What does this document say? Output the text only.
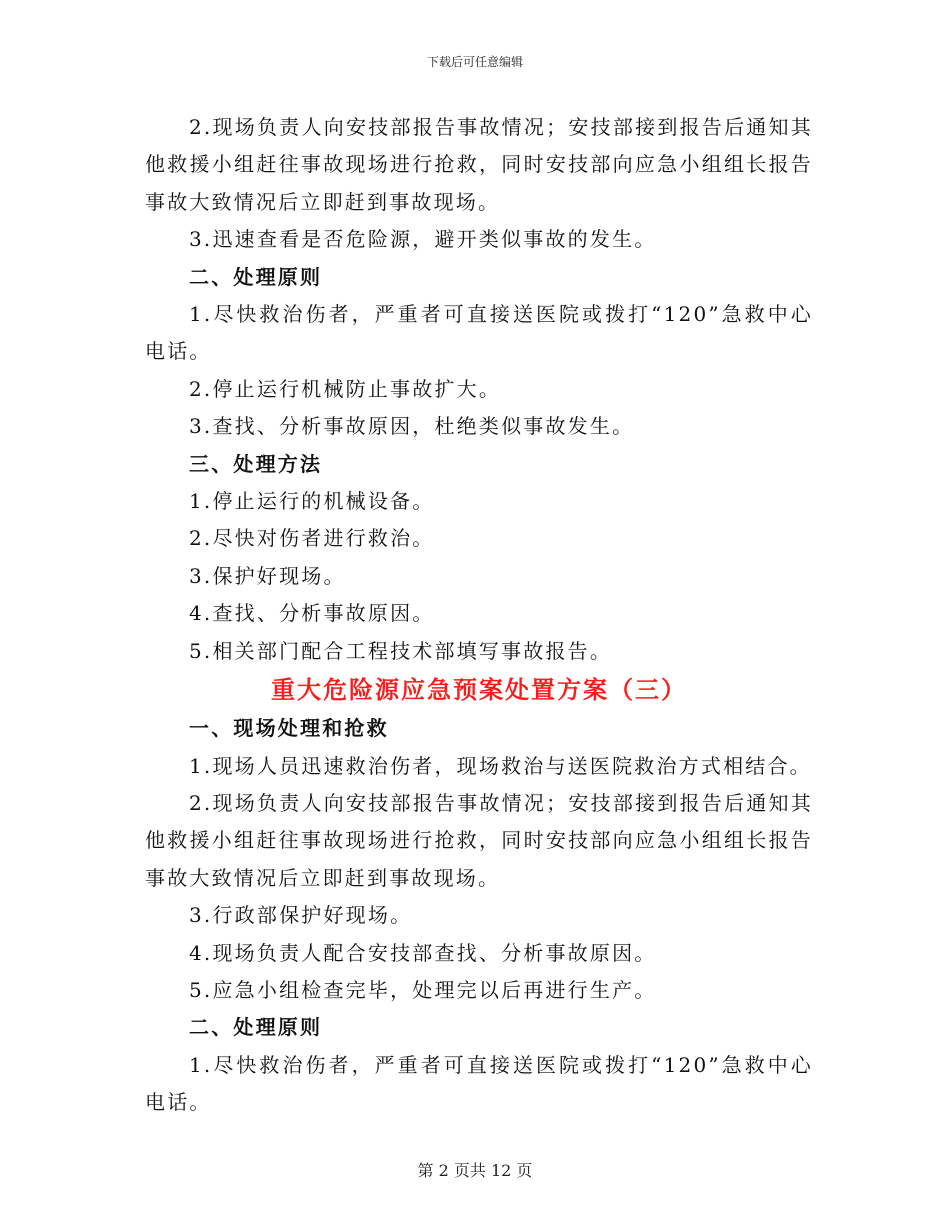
下载后可任意编辑

2.现场负责人向安技部报告事故情况；安技部接到报告后通知其他救援小组赶往事故现场进行抢救，同时安技部向应急小组组长报告事故大致情况后立即赶到事故现场。

3.迅速查看是否危险源，避开类似事故的发生。

二、处理原则

1.尽快救治伤者，严重者可直接送医院或拨打“120”急救中心电话。

2.停止运行机械防止事故扩大。

3.查找、分析事故原因，杜绝类似事故发生。

三、处理方法

1.停止运行的机械设备。

2.尽快对伤者进行救治。

3.保护好现场。

4.查找、分析事故原因。

5.相关部门配合工程技术部填写事故报告。

重大危险源应急预案处置方案（三）

一、现场处理和抢救

1.现场人员迅速救治伤者，现场救治与送医院救治方式相结合。

2.现场负责人向安技部报告事故情况；安技部接到报告后通知其他救援小组赶往事故现场进行抢救，同时安技部向应急小组组长报告事故大致情况后立即赶到事故现场。

3.行政部保护好现场。

4.现场负责人配合安技部查找、分析事故原因。

5.应急小组检查完毕，处理完以后再进行生产。

二、处理原则

1.尽快救治伤者，严重者可直接送医院或拨打“120”急救中心电话。

第 2 页共 12 页
